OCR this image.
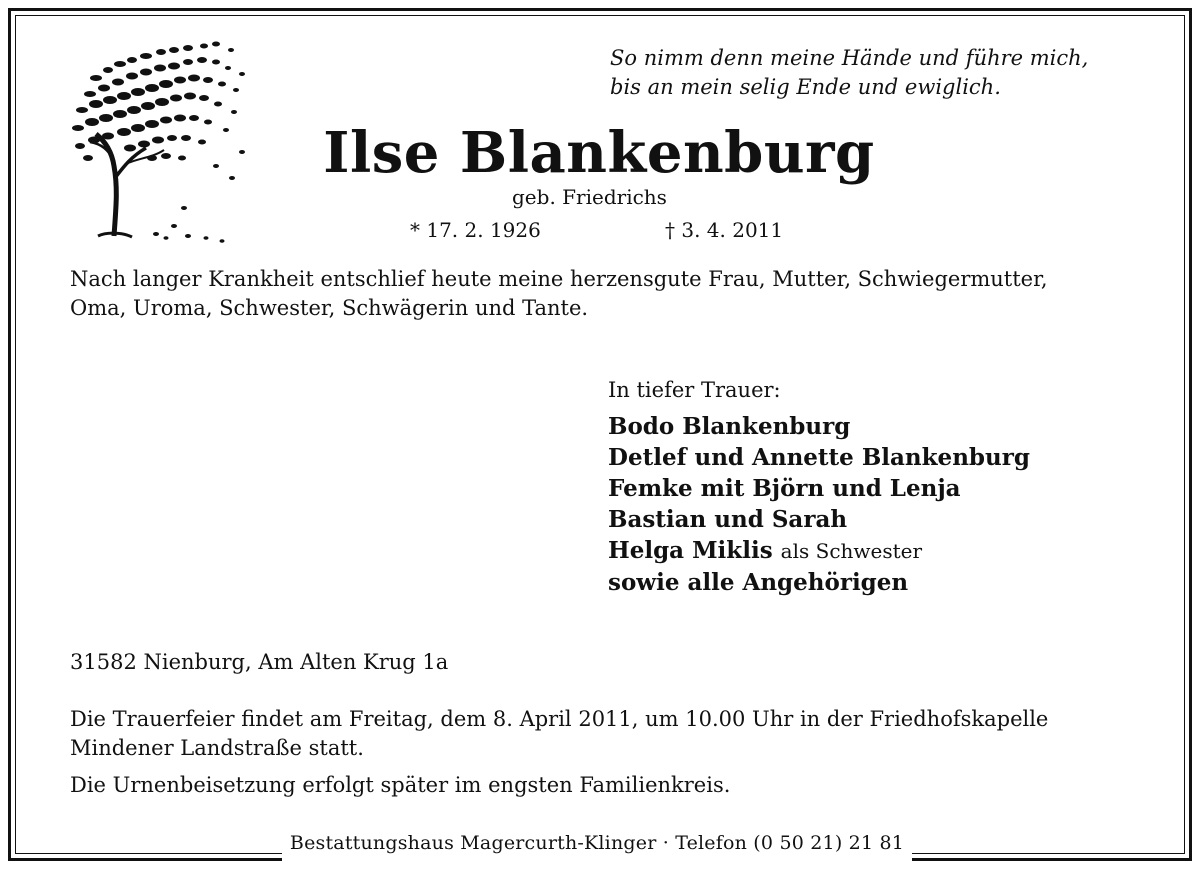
Bestattungshaus Magercurth-Klinger · Telefon (0 50 21) 21 81
So nimm denn meine Hände und führe mich,
bis an mein selig Ende und ewiglich.
Ilse Blankenburg
geb. Friedrichs
* 17. 2. 1926	† 3. 4. 2011
Nach langer Krankheit entschlief heute meine herzensgute Frau, Mutter, Schwiegermutter,
Oma, Uroma, Schwester, Schwägerin und Tante.
In tiefer Trauer:
Bodo Blankenburg
Detlef und Annette Blankenburg
Femke mit Björn und Lenja
Bastian und Sarah
Helga Miklis als Schwester
sowie alle Angehörigen
31582 Nienburg, Am Alten Krug 1a
Die Trauerfeier findet am Freitag, dem 8. April 2011, um 10.00 Uhr in der Friedhofskapelle
Mindener Landstraße statt.
Die Urnenbeisetzung erfolgt später im engsten Familienkreis.
